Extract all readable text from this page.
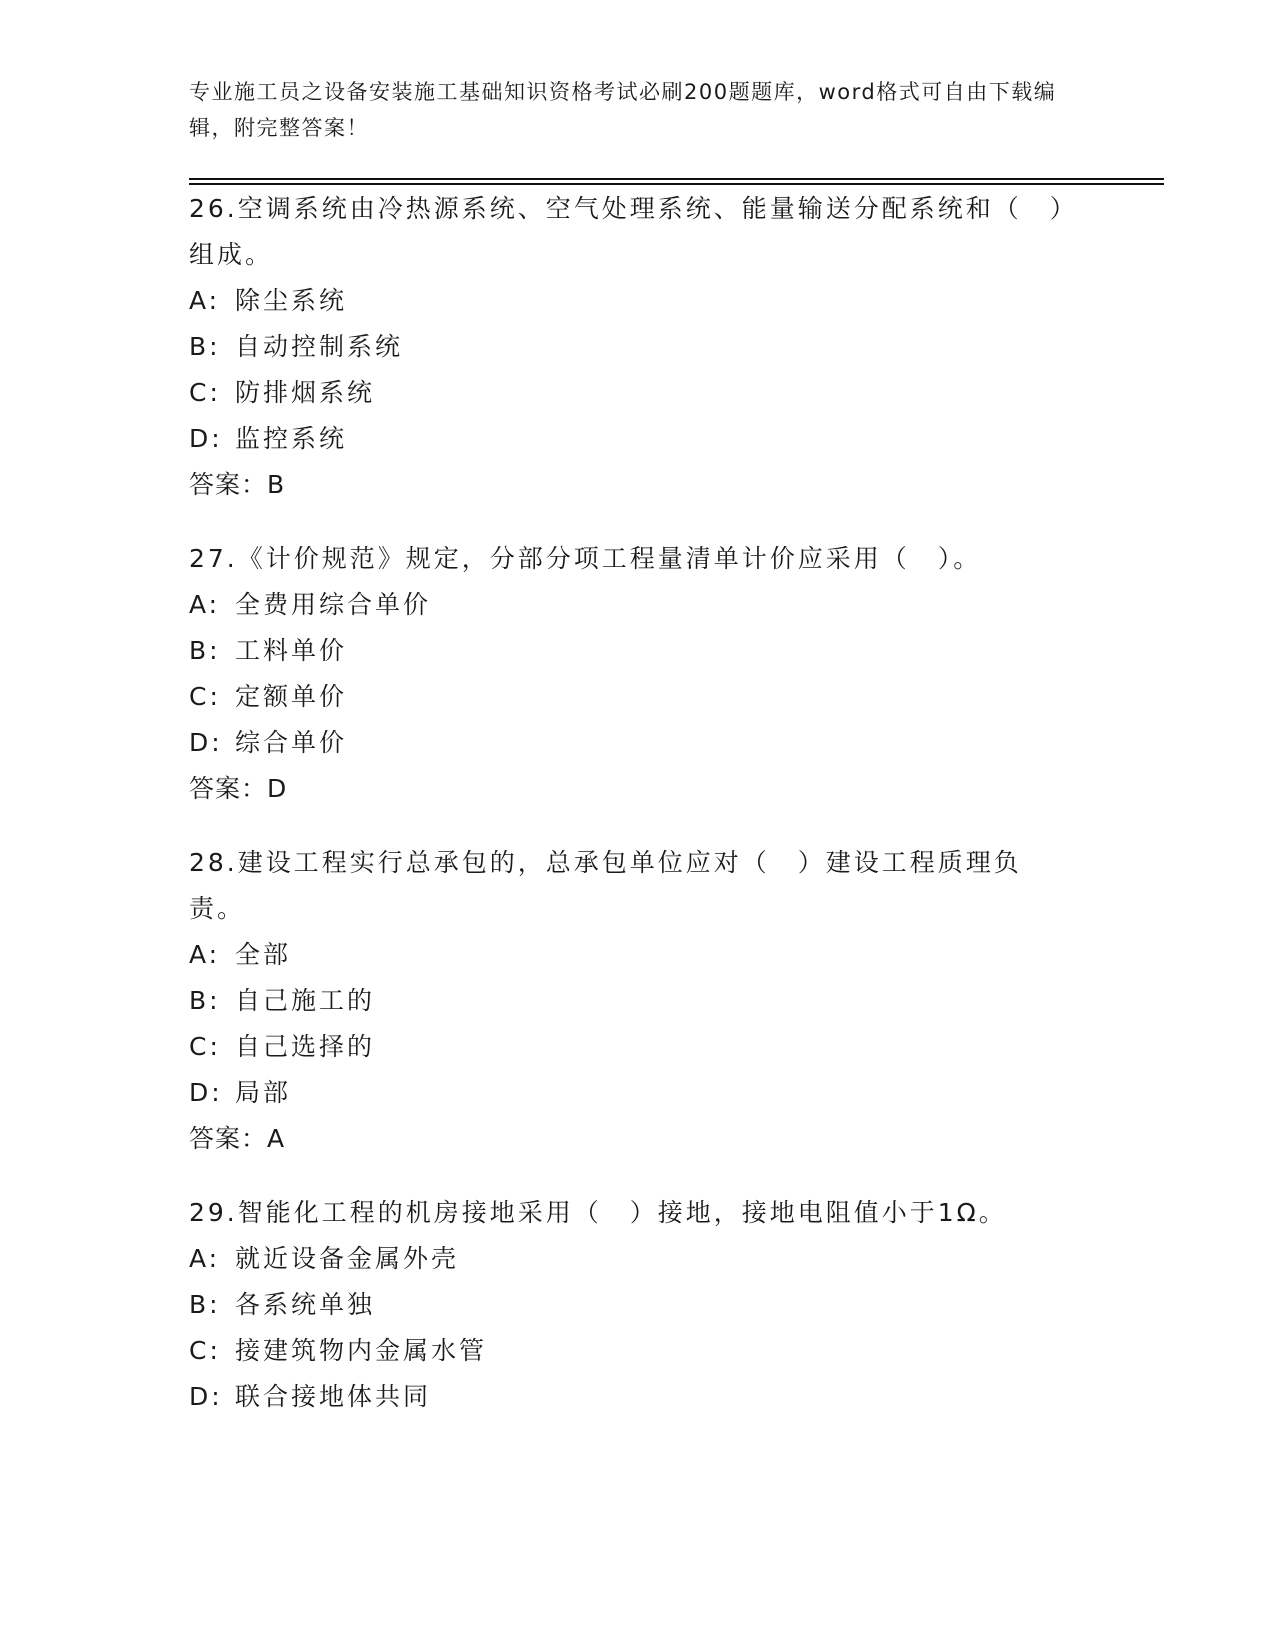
专业施工员之设备安装施工基础知识资格考试必刷200题题库，word格式可自由下载编辑，附完整答案！
26.空调系统由冷热源系统、空气处理系统、能量输送分配系统和（　）组成。
A: 除尘系统
B: 自动控制系统
C: 防排烟系统
D: 监控系统
答案：B
27.《计价规范》规定，分部分项工程量清单计价应采用（　）。
A: 全费用综合单价
B: 工料单价
C: 定额单价
D: 综合单价
答案：D
28.建设工程实行总承包的，总承包单位应对（　）建设工程质理负责。
A: 全部
B: 自己施工的
C: 自己选择的
D: 局部
答案：A
29.智能化工程的机房接地采用（　）接地，接地电阻值小于1Ω。
A: 就近设备金属外壳
B: 各系统单独
C: 接建筑物内金属水管
D: 联合接地体共同
